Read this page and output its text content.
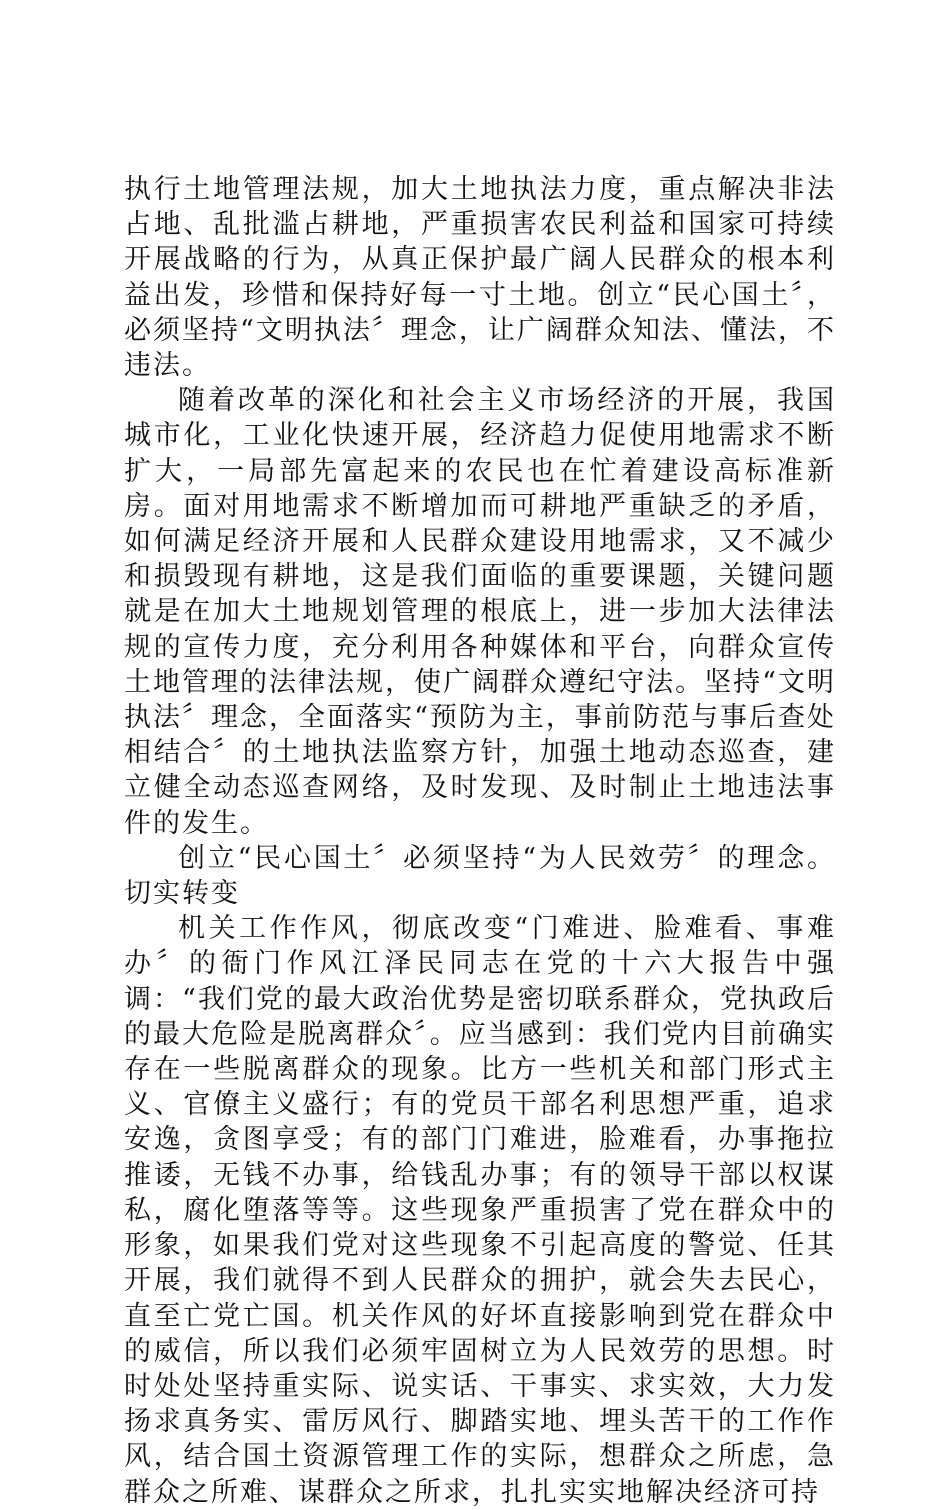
执行土地管理法规，加大土地执法力度，重点解决非法占地、乱批滥占耕地，严重损害农民利益和国家可持续开展战略的行为，从真正保护最广阔人民群众的根本利益出发，珍惜和保持好每一寸土地。创立“民心国土〞，必须坚持“文明执法〞理念，让广阔群众知法、懂法，不违法。

随着改革的深化和社会主义市场经济的开展，我国城市化，工业化快速开展，经济趋力促使用地需求不断扩大，一局部先富起来的农民也在忙着建设高标准新房。面对用地需求不断增加而可耕地严重缺乏的矛盾，如何满足经济开展和人民群众建设用地需求，又不减少和损毁现有耕地，这是我们面临的重要课题，关键问题就是在加大土地规划管理的根底上，进一步加大法律法规的宣传力度，充分利用各种媒体和平台，向群众宣传土地管理的法律法规，使广阔群众遵纪守法。坚持“文明执法〞理念，全面落实“预防为主，事前防范与事后查处相结合〞的土地执法监察方针，加强土地动态巡查，建立健全动态巡查网络，及时发现、及时制止土地违法事件的发生。

创立“民心国土〞必须坚持“为人民效劳〞的理念。切实转变

机关工作作风，彻底改变“门难进、脸难看、事难办〞的衙门作风江泽民同志在党的十六大报告中强调：“我们党的最大政治优势是密切联系群众，党执政后的最大危险是脱离群众〞。应当感到：我们党内目前确实存在一些脱离群众的现象。比方一些机关和部门形式主义、官僚主义盛行；有的党员干部名利思想严重，追求安逸，贪图享受；有的部门门难进，脸难看，办事拖拉推诿，无钱不办事，给钱乱办事；有的领导干部以权谋私，腐化堕落等等。这些现象严重损害了党在群众中的形象，如果我们党对这些现象不引起高度的警觉、任其开展，我们就得不到人民群众的拥护，就会失去民心，直至亡党亡国。机关作风的好坏直接影响到党在群众中的威信，所以我们必须牢固树立为人民效劳的思想。时时处处坚持重实际、说实话、干事实、求实效，大力发扬求真务实、雷厉风行、脚踏实地、埋头苦干的工作作风，结合国土资源管理工作的实际，想群众之所虑，急群众之所难、谋群众之所求，扎扎实实地解决经济可持
